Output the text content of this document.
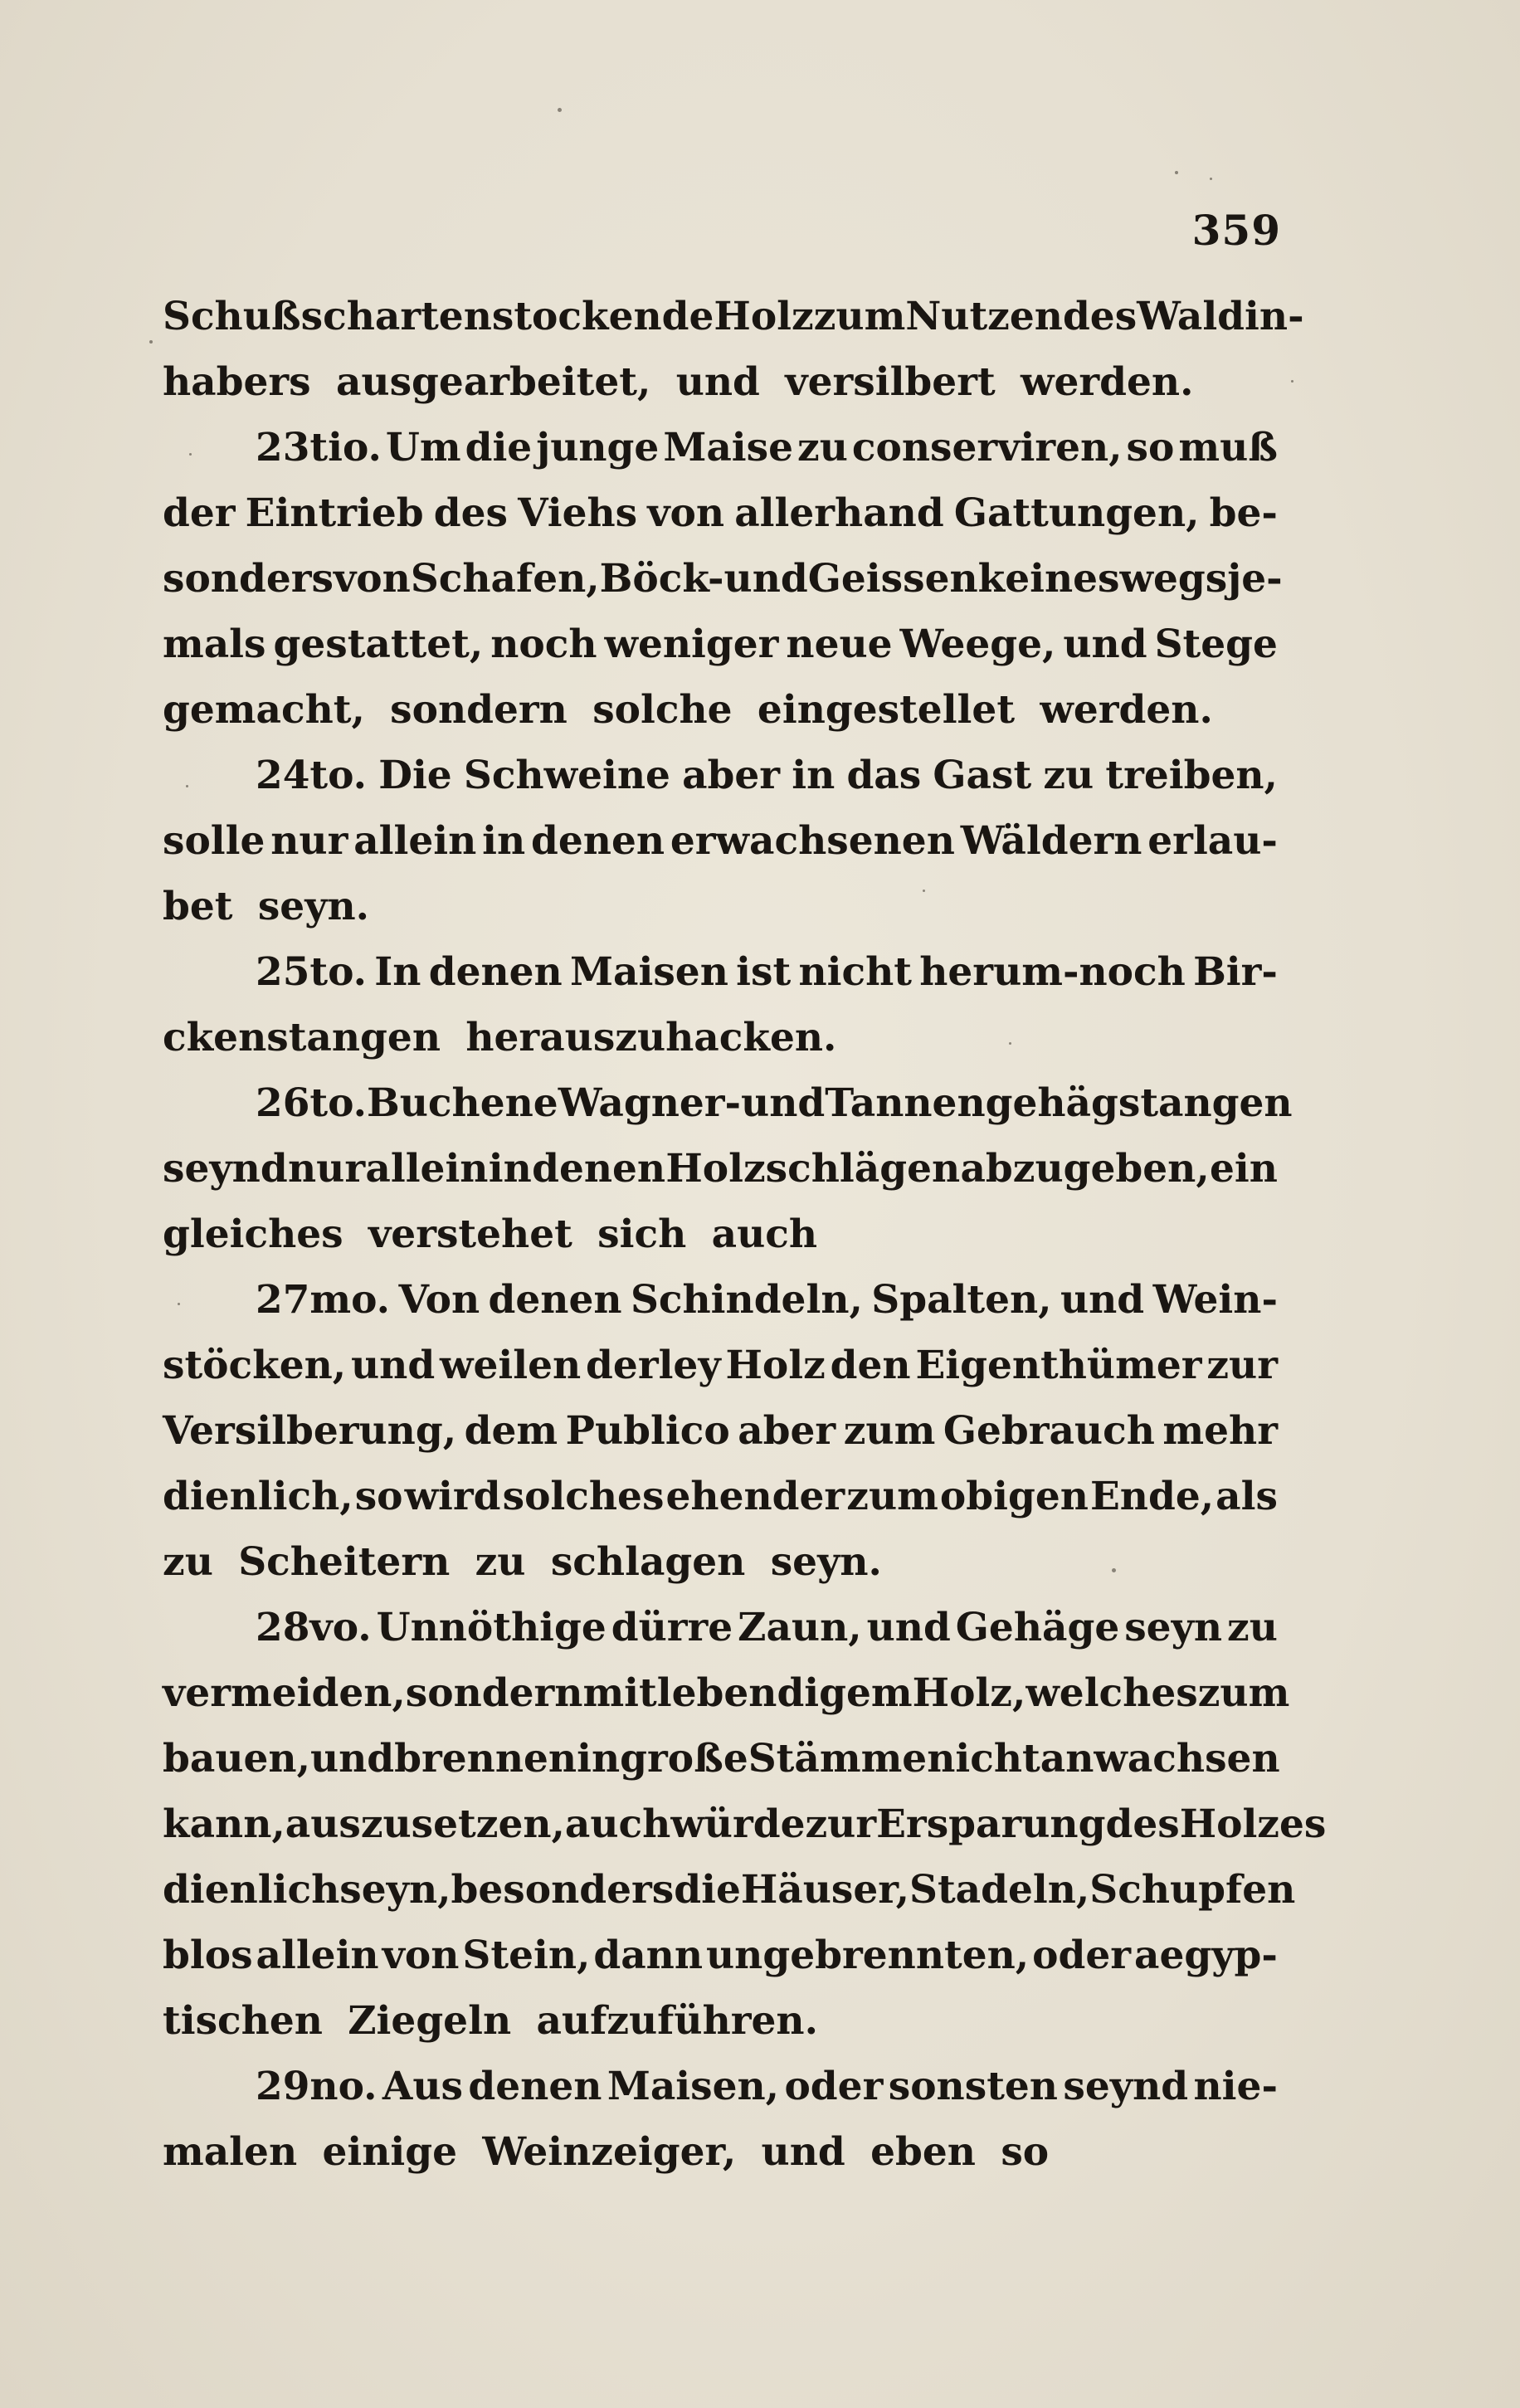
359
Schußscharten stockende Holz zum Nutzen des Waldin-
habers ausgearbeitet, und versilbert werden.
23tio. Um die junge Maise zu conserviren, so muß
der Eintrieb des Viehs von allerhand Gattungen, be-
sonders von Schafen, Böck-und Geissen keineswegs je-
mals gestattet, noch weniger neue Weege, und Stege
gemacht, sondern solche eingestellet werden.
24to. Die Schweine aber in das Gast zu treiben,
solle nur allein in denen erwachsenen Wäldern erlau-
bet seyn.
25to. In denen Maisen ist nicht herum-noch Bir-
ckenstangen herauszuhacken.
26to. Buchene Wagner- und Tannengehägstangen
seynd nur allein in denen Holzschlägen abzugeben, ein
gleiches verstehet sich auch
27mo. Von denen Schindeln, Spalten, und Wein-
stöcken, und weilen derley Holz den Eigenthümer zur
Versilberung, dem Publico aber zum Gebrauch mehr
dienlich, so wird solches ehender zum obigen Ende, als
zu Scheitern zu schlagen seyn.
28vo. Unnöthige dürre Zaun, und Gehäge seyn zu
vermeiden, sondern mit lebendigem Holz, welches zum
bauen, und brennen in große Stämme nicht anwachsen
kann, auszusetzen, auch würde zur Ersparung des Holzes
dienlich seyn, besonders die Häuser, Stadeln, Schupfen
blos allein von Stein, dann ungebrennten, oder aegyp-
tischen Ziegeln aufzuführen.
29no. Aus denen Maisen, oder sonsten seynd nie-
malen einige Weinzeiger, und eben so
